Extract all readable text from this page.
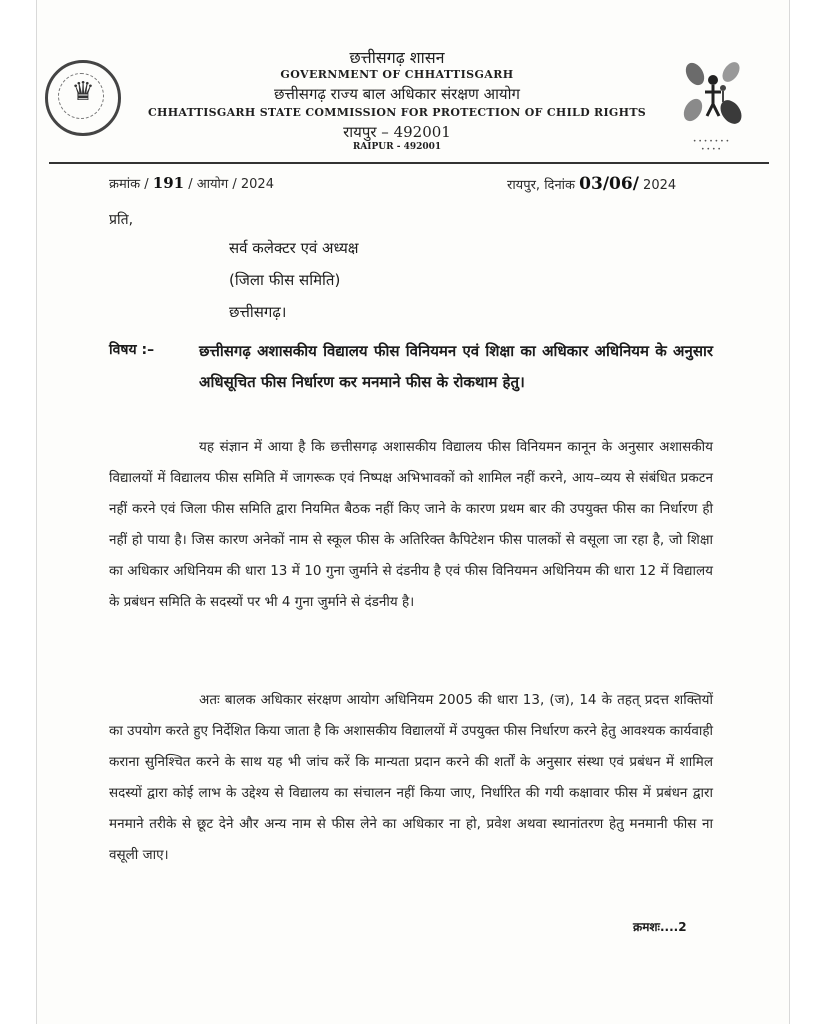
♛
छत्तीसगढ़ शासन
GOVERNMENT OF CHHATTISGARH
छत्तीसगढ़ राज्य बाल अधिकार संरक्षण आयोग
CHHATTISGARH STATE COMMISSION FOR PROTECTION OF CHILD RIGHTS
रायपुर – 492001
RAIPUR - 492001
• • • • • • •
• • • •
क्रमांक / 191 / आयोग / 2024	रायपुर, दिनांक 03/06/ 2024
प्रति,
सर्व कलेक्टर एवं अध्यक्ष
(जिला फीस समिति)
छत्तीसगढ़।
विषय :–	छत्तीसगढ़ अशासकीय विद्यालय फीस विनियमन एवं शिक्षा का अधिकार अधिनियम के अनुसार अधिसूचित फीस निर्धारण कर मनमाने फीस के रोकथाम हेतु।
यह संज्ञान में आया है कि छत्तीसगढ़ अशासकीय विद्यालय फीस विनियमन कानून के अनुसार अशासकीय विद्यालयों में विद्यालय फीस समिति में जागरूक एवं निष्पक्ष अभिभावकों को शामिल नहीं करने, आय–व्यय से संबंधित प्रकटन नहीं करने एवं जिला फीस समिति द्वारा नियमित बैठक नहीं किए जाने के कारण प्रथम बार की उपयुक्त फीस का निर्धारण ही नहीं हो पाया है। जिस कारण अनेकों नाम से स्कूल फीस के अतिरिक्त कैपिटेशन फीस पालकों से वसूला जा रहा है, जो शिक्षा का अधिकार अधिनियम की धारा 13 में 10 गुना जुर्माने से दंडनीय है एवं फीस विनियमन अधिनियम की धारा 12 में विद्यालय के प्रबंधन समिति के सदस्यों पर भी 4 गुना जुर्माने से दंडनीय है।
अतः बालक अधिकार संरक्षण आयोग अधिनियम 2005 की धारा 13, (ज), 14 के तहत् प्रदत्त शक्तियों का उपयोग करते हुए निर्देशित किया जाता है कि अशासकीय विद्यालयों में उपयुक्त फीस निर्धारण करने हेतु आवश्यक कार्यवाही कराना सुनिश्चित करने के साथ यह भी जांच करें कि मान्यता प्रदान करने की शर्तों के अनुसार संस्था एवं प्रबंधन में शामिल सदस्यों द्वारा कोई लाभ के उद्देश्य से विद्यालय का संचालन नहीं किया जाए, निर्धारित की गयी कक्षावार फीस में प्रबंधन द्वारा मनमाने तरीके से छूट देने और अन्य नाम से फीस लेने का अधिकार ना हो, प्रवेश अथवा स्थानांतरण हेतु मनमानी फीस ना वसूली जाए।
क्रमशः....2
